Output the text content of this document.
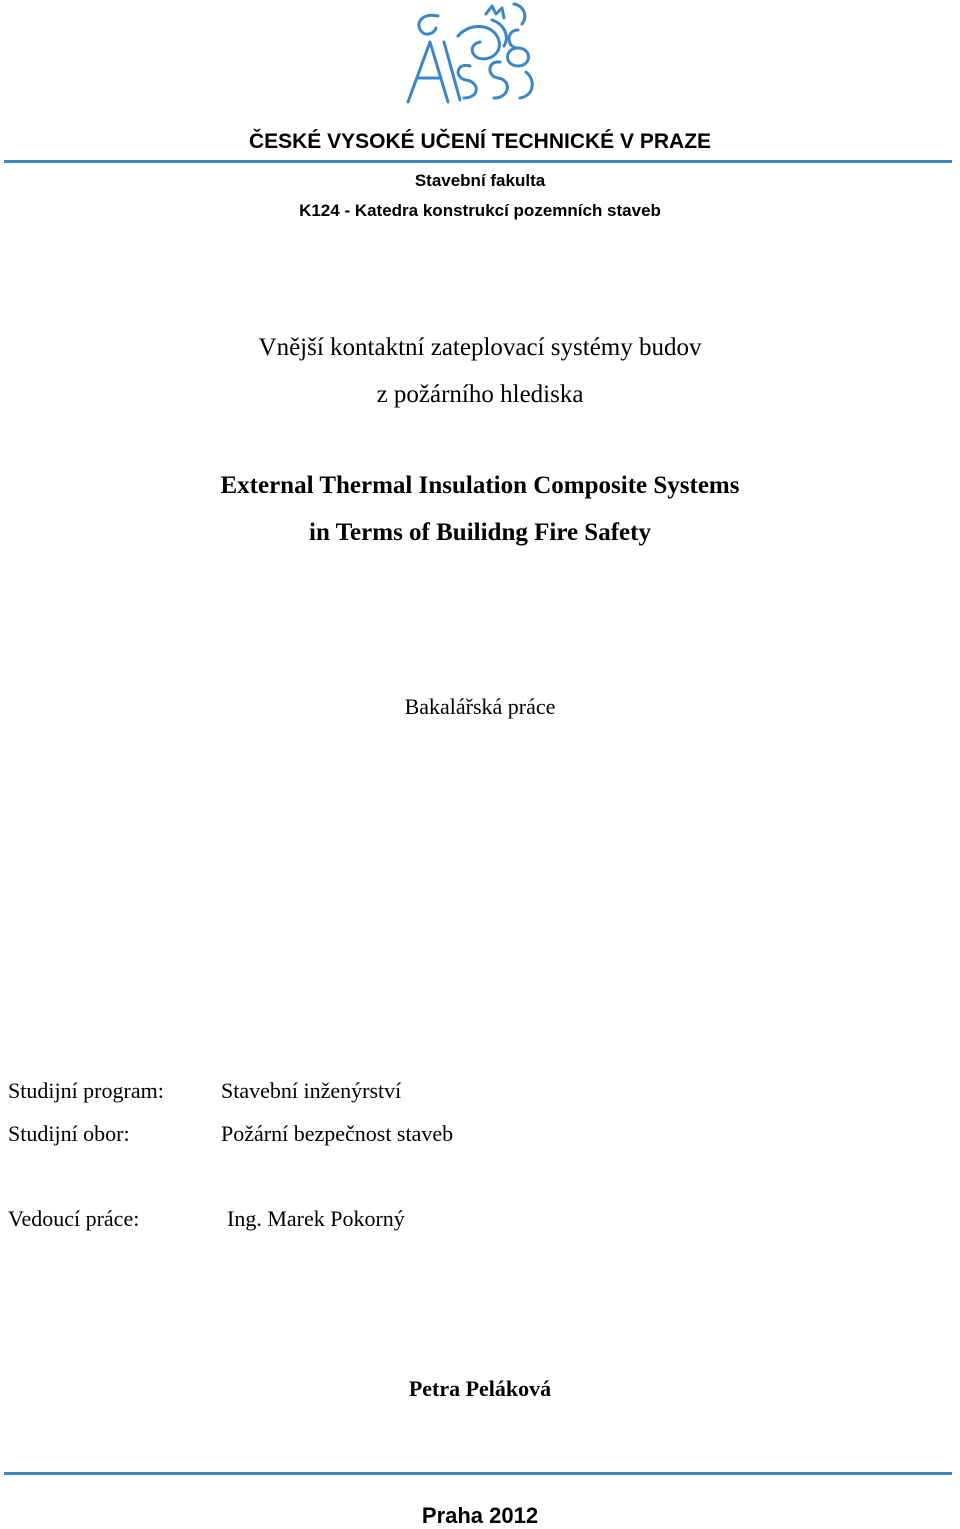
ČESKÉ VYSOKÉ UČENÍ TECHNICKÉ V PRAZE
Stavební fakulta
K124 - Katedra konstrukcí pozemních staveb
Vnější kontaktní zateplovací systémy budov
z požárního hlediska
External Thermal Insulation Composite Systems
in Terms of Builidng Fire Safety
Bakalářská práce
Studijní program:	Stavební inženýrství
Studijní obor:	Požární bezpečnost staveb
Vedoucí práce:	Ing. Marek Pokorný
Petra Peláková
Praha 2012
